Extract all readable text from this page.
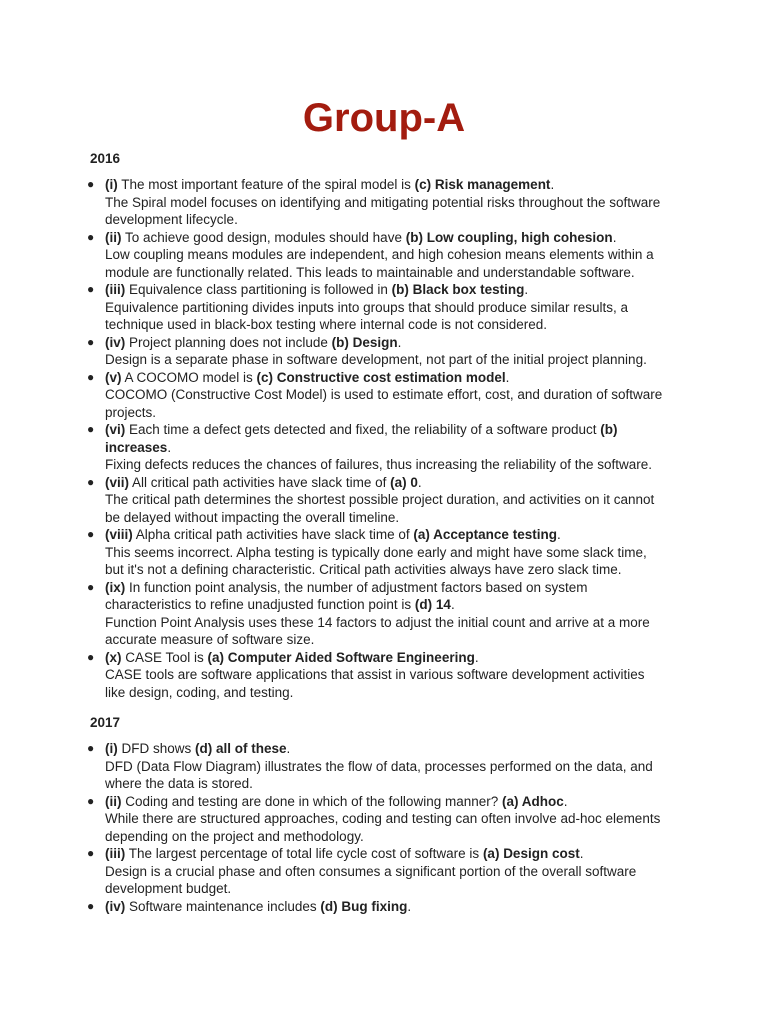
Group-A
2016
● (i) The most important feature of the spiral model is (c) Risk management.
The Spiral model focuses on identifying and mitigating potential risks throughout the software
development lifecycle.
● (ii) To achieve good design, modules should have (b) Low coupling, high cohesion.
Low coupling means modules are independent, and high cohesion means elements within a
module are functionally related. This leads to maintainable and understandable software.
● (iii) Equivalence class partitioning is followed in (b) Black box testing.
Equivalence partitioning divides inputs into groups that should produce similar results, a
technique used in black-box testing where internal code is not considered.
● (iv) Project planning does not include (b) Design.
Design is a separate phase in software development, not part of the initial project planning.
● (v) A COCOMO model is (c) Constructive cost estimation model.
COCOMO (Constructive Cost Model) is used to estimate effort, cost, and duration of software
projects.
● (vi) Each time a defect gets detected and fixed, the reliability of a software product (b)
increases.
Fixing defects reduces the chances of failures, thus increasing the reliability of the software.
● (vii) All critical path activities have slack time of (a) 0.
The critical path determines the shortest possible project duration, and activities on it cannot
be delayed without impacting the overall timeline.
● (viii) Alpha critical path activities have slack time of (a) Acceptance testing.
This seems incorrect. Alpha testing is typically done early and might have some slack time,
but it's not a defining characteristic. Critical path activities always have zero slack time.
● (ix) In function point analysis, the number of adjustment factors based on system
characteristics to refine unadjusted function point is (d) 14.
Function Point Analysis uses these 14 factors to adjust the initial count and arrive at a more
accurate measure of software size.
● (x) CASE Tool is (a) Computer Aided Software Engineering.
CASE tools are software applications that assist in various software development activities
like design, coding, and testing.
2017
● (i) DFD shows (d) all of these.
DFD (Data Flow Diagram) illustrates the flow of data, processes performed on the data, and
where the data is stored.
● (ii) Coding and testing are done in which of the following manner? (a) Adhoc.
While there are structured approaches, coding and testing can often involve ad-hoc elements
depending on the project and methodology.
● (iii) The largest percentage of total life cycle cost of software is (a) Design cost.
Design is a crucial phase and often consumes a significant portion of the overall software
development budget.
● (iv) Software maintenance includes (d) Bug fixing.
